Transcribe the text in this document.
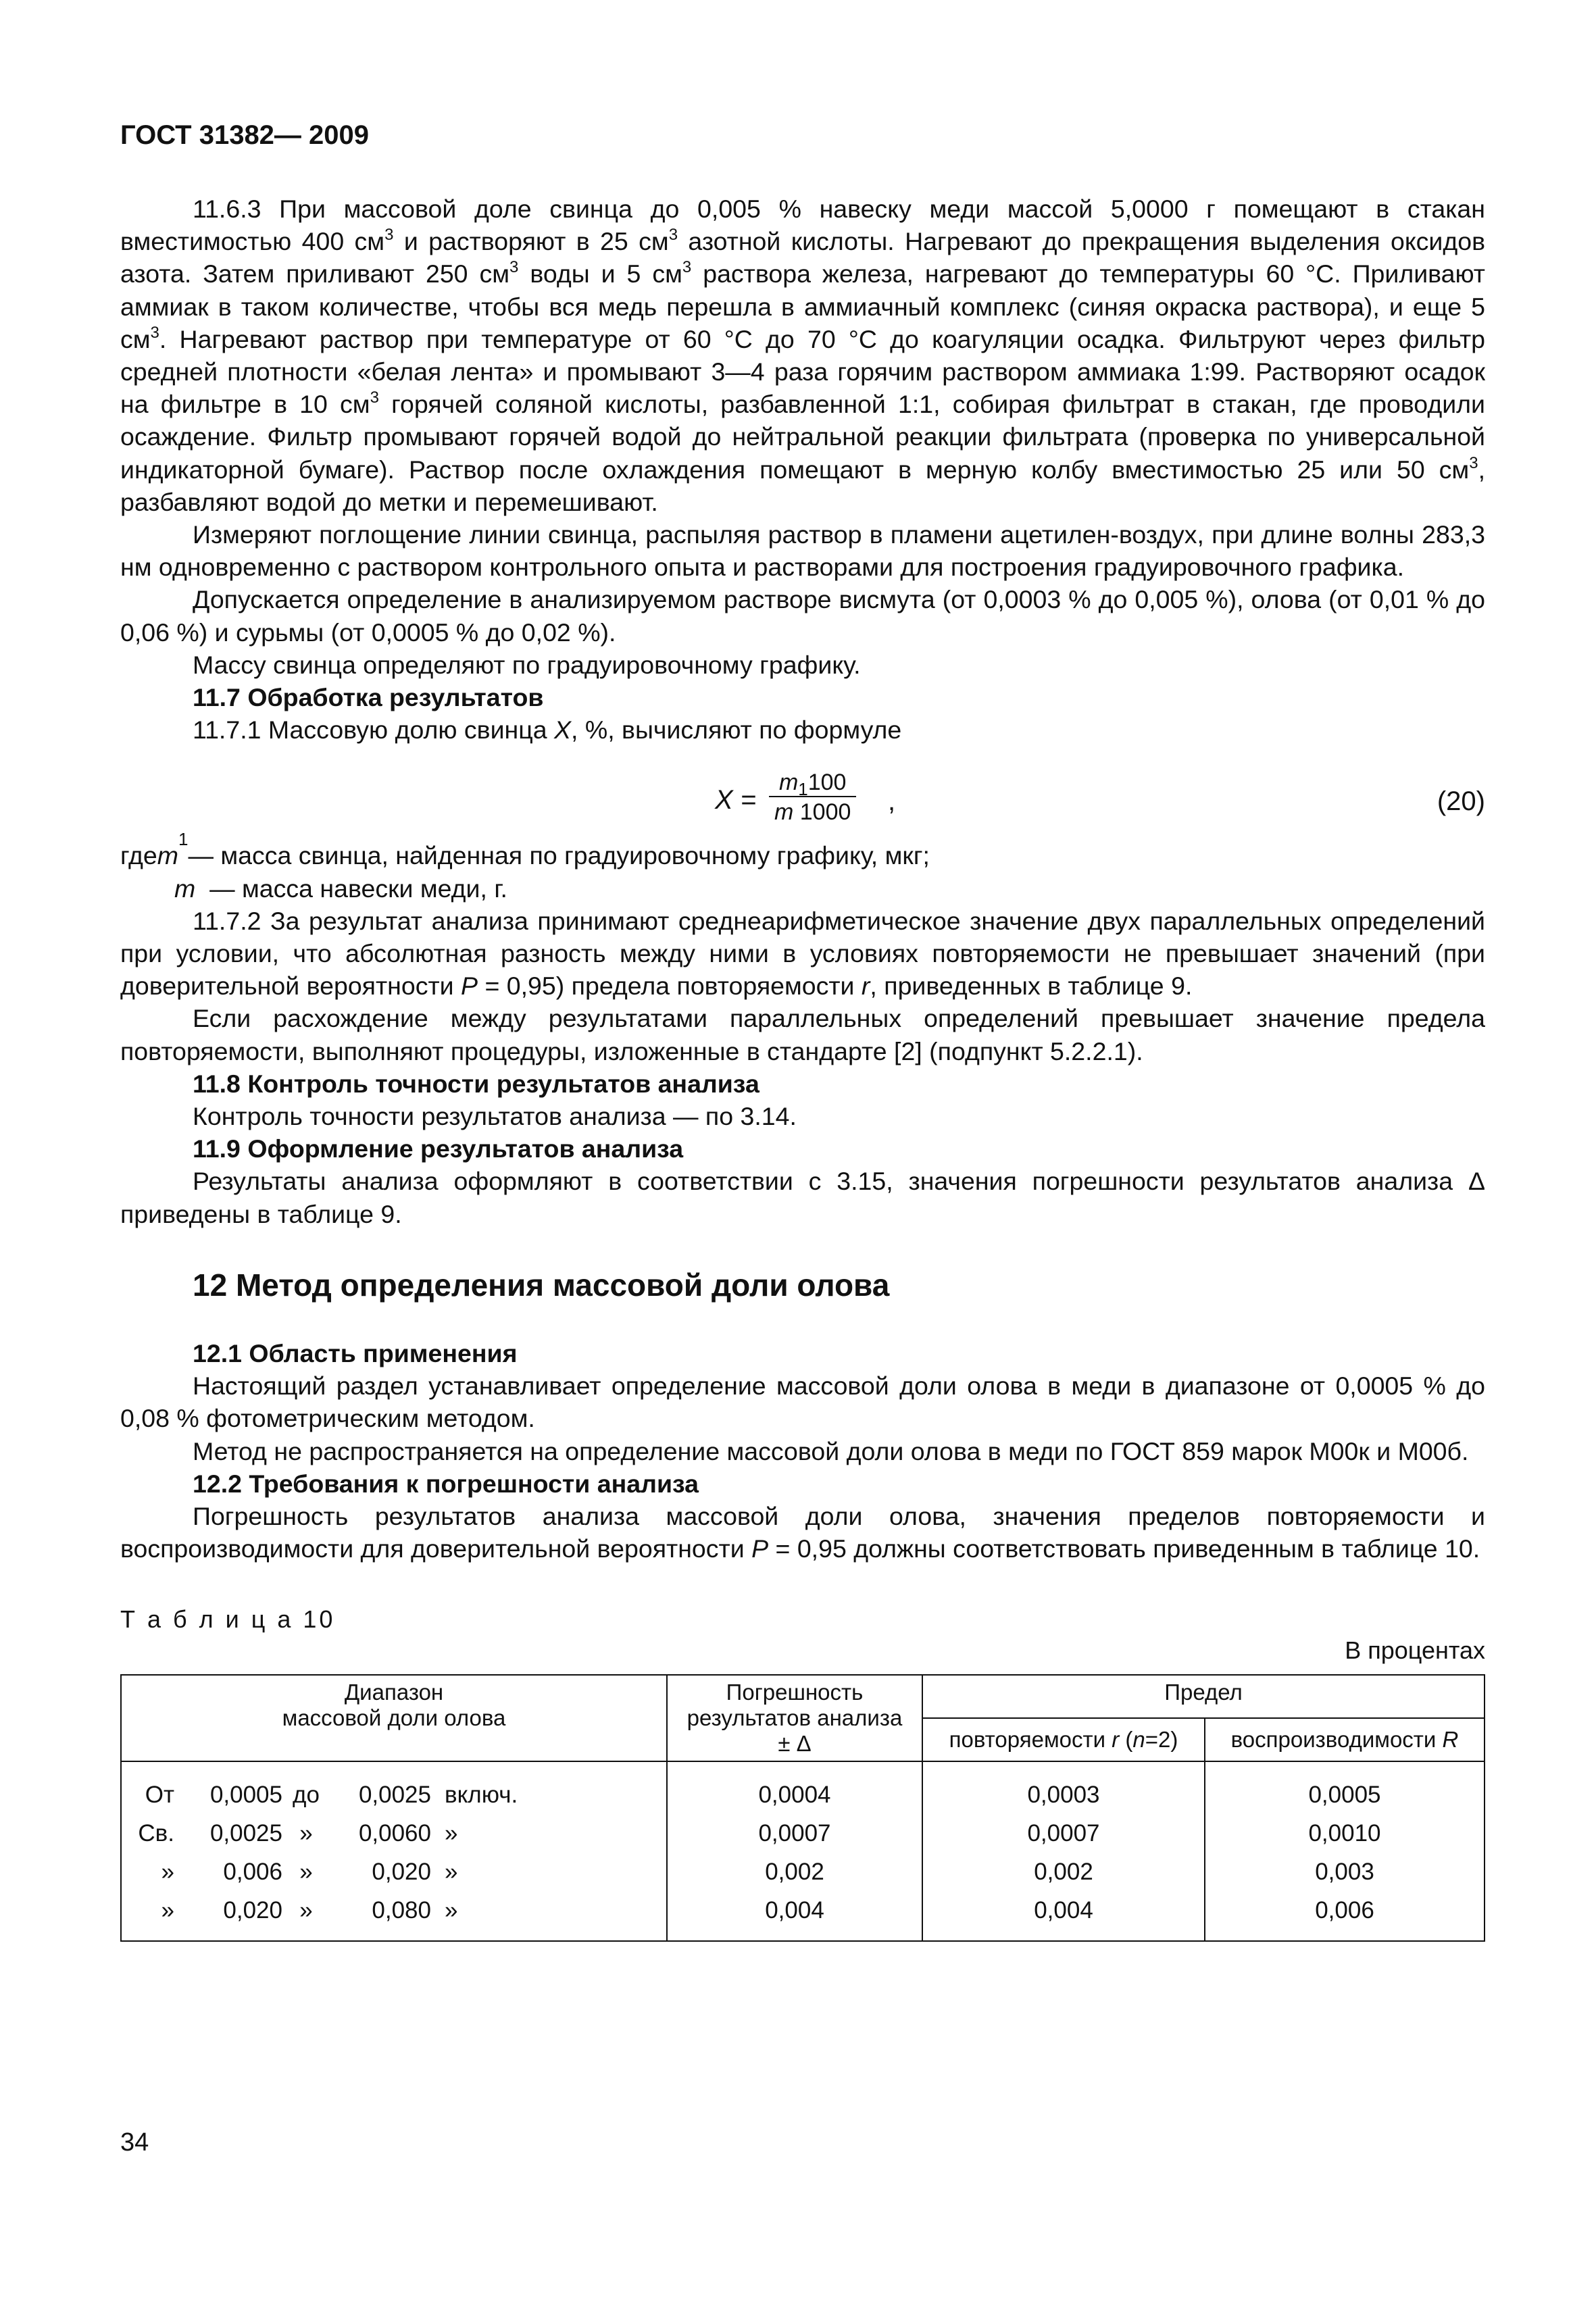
ГОСТ 31382— 2009

11.6.3 При массовой доле свинца до 0,005 % навеску меди массой 5,0000 г помещают в стакан вместимостью 400 $см^3$ и растворяют в 25 $см^3$ азотной кислоты. Нагревают до прекращения выделения оксидов азота. Затем приливают 250 $см^3$ воды и 5 $см^3$ раствора железа, нагревают до температуры 60 °С. Приливают аммиак в таком количестве, чтобы вся медь перешла в аммиачный комплекс (синяя окраска раствора), и еще 5 $см^3$. Нагревают раствор при температуре от 60 °С до 70 °С до коагуляции осадка. Фильтруют через фильтр средней плотности «белая лента» и промывают 3—4 раза горячим раствором аммиака 1:99. Растворяют осадок на фильтре в 10 $см^3$ горячей соляной кислоты, разбавленной 1:1, собирая фильтрат в стакан, где проводили осаждение. Фильтр промывают горячей водой до нейтральной реакции фильтрата (проверка по универсальной индикаторной бумаге). Раствор после охлаждения помещают в мерную колбу вместимостью 25 или 50 $см^3$, разбавляют водой до метки и перемешивают.

Измеряют поглощение линии свинца, распыляя раствор в пламени ацетилен-воздух, при длине волны 283,3 нм одновременно с раствором контрольного опыта и растворами для построения градуировочного графика.

Допускается определение в анализируемом растворе висмута (от 0,0003 % до 0,005 %), олова (от 0,01 % до 0,06 %) и сурьмы (от 0,0005 % до 0,02 %).

Массу свинца определяют по градуировочному графику.

11.7 Обработка результатов

11.7.1 Массовую долю свинца X, %, вычисляют по формуле

$X = \frac{m_1100}{m 1000}$ ,	(20)
где m
1
— масса свинца, найденная по градуировочному графику, мкг;
m — масса навески меди, г.

11.7.2 За результат анализа принимают среднеарифметическое значение двух параллельных определений при условии, что абсолютная разность между ними в условиях повторяемости не превышает значений (при доверительной вероятности P = 0,95) предела повторяемости r, приведенных в таблице 9.

Если расхождение между результатами параллельных определений превышает значение предела повторяемости, выполняют процедуры, изложенные в стандарте [2] (подпункт 5.2.2.1).

11.8 Контроль точности результатов анализа

Контроль точности результатов анализа — по 3.14.

11.9 Оформление результатов анализа

Результаты анализа оформляют в соответствии с 3.15, значения погрешности результатов анализа Δ приведены в таблице 9.

12 Метод определения массовой доли олова

12.1 Область применения

Настоящий раздел устанавливает определение массовой доли олова в меди в диапазоне от 0,0005 % до 0,08 % фотометрическим методом.

Метод не распространяется на определение массовой доли олова в меди по ГОСТ 859 марок М00к и М00б.

12.2 Требования к погрешности анализа

Погрешность результатов анализа массовой доли олова, значения пределов повторяемости и воспроизводимости для доверительной вероятности P = 0,95 должны соответствовать приведенным в таблице 10.

Т а б л и ц а 10
В процентах
Диапазон
массовой доли олова	Погрешность
результатов анализа
± Δ	Предел	
		повторяемости r (n=2)	воспроизводимости R

От 0,0005 до 0,0025 включ.	0,0004	0,0003	0,0005

Св. 0,0025 » 0,0060 »	0,0007	0,0007	0,0010

» 0,006 » 0,020 »	0,002	0,002	0,003

» 0,020 » 0,080 »	0,004	0,004	0,006
34
